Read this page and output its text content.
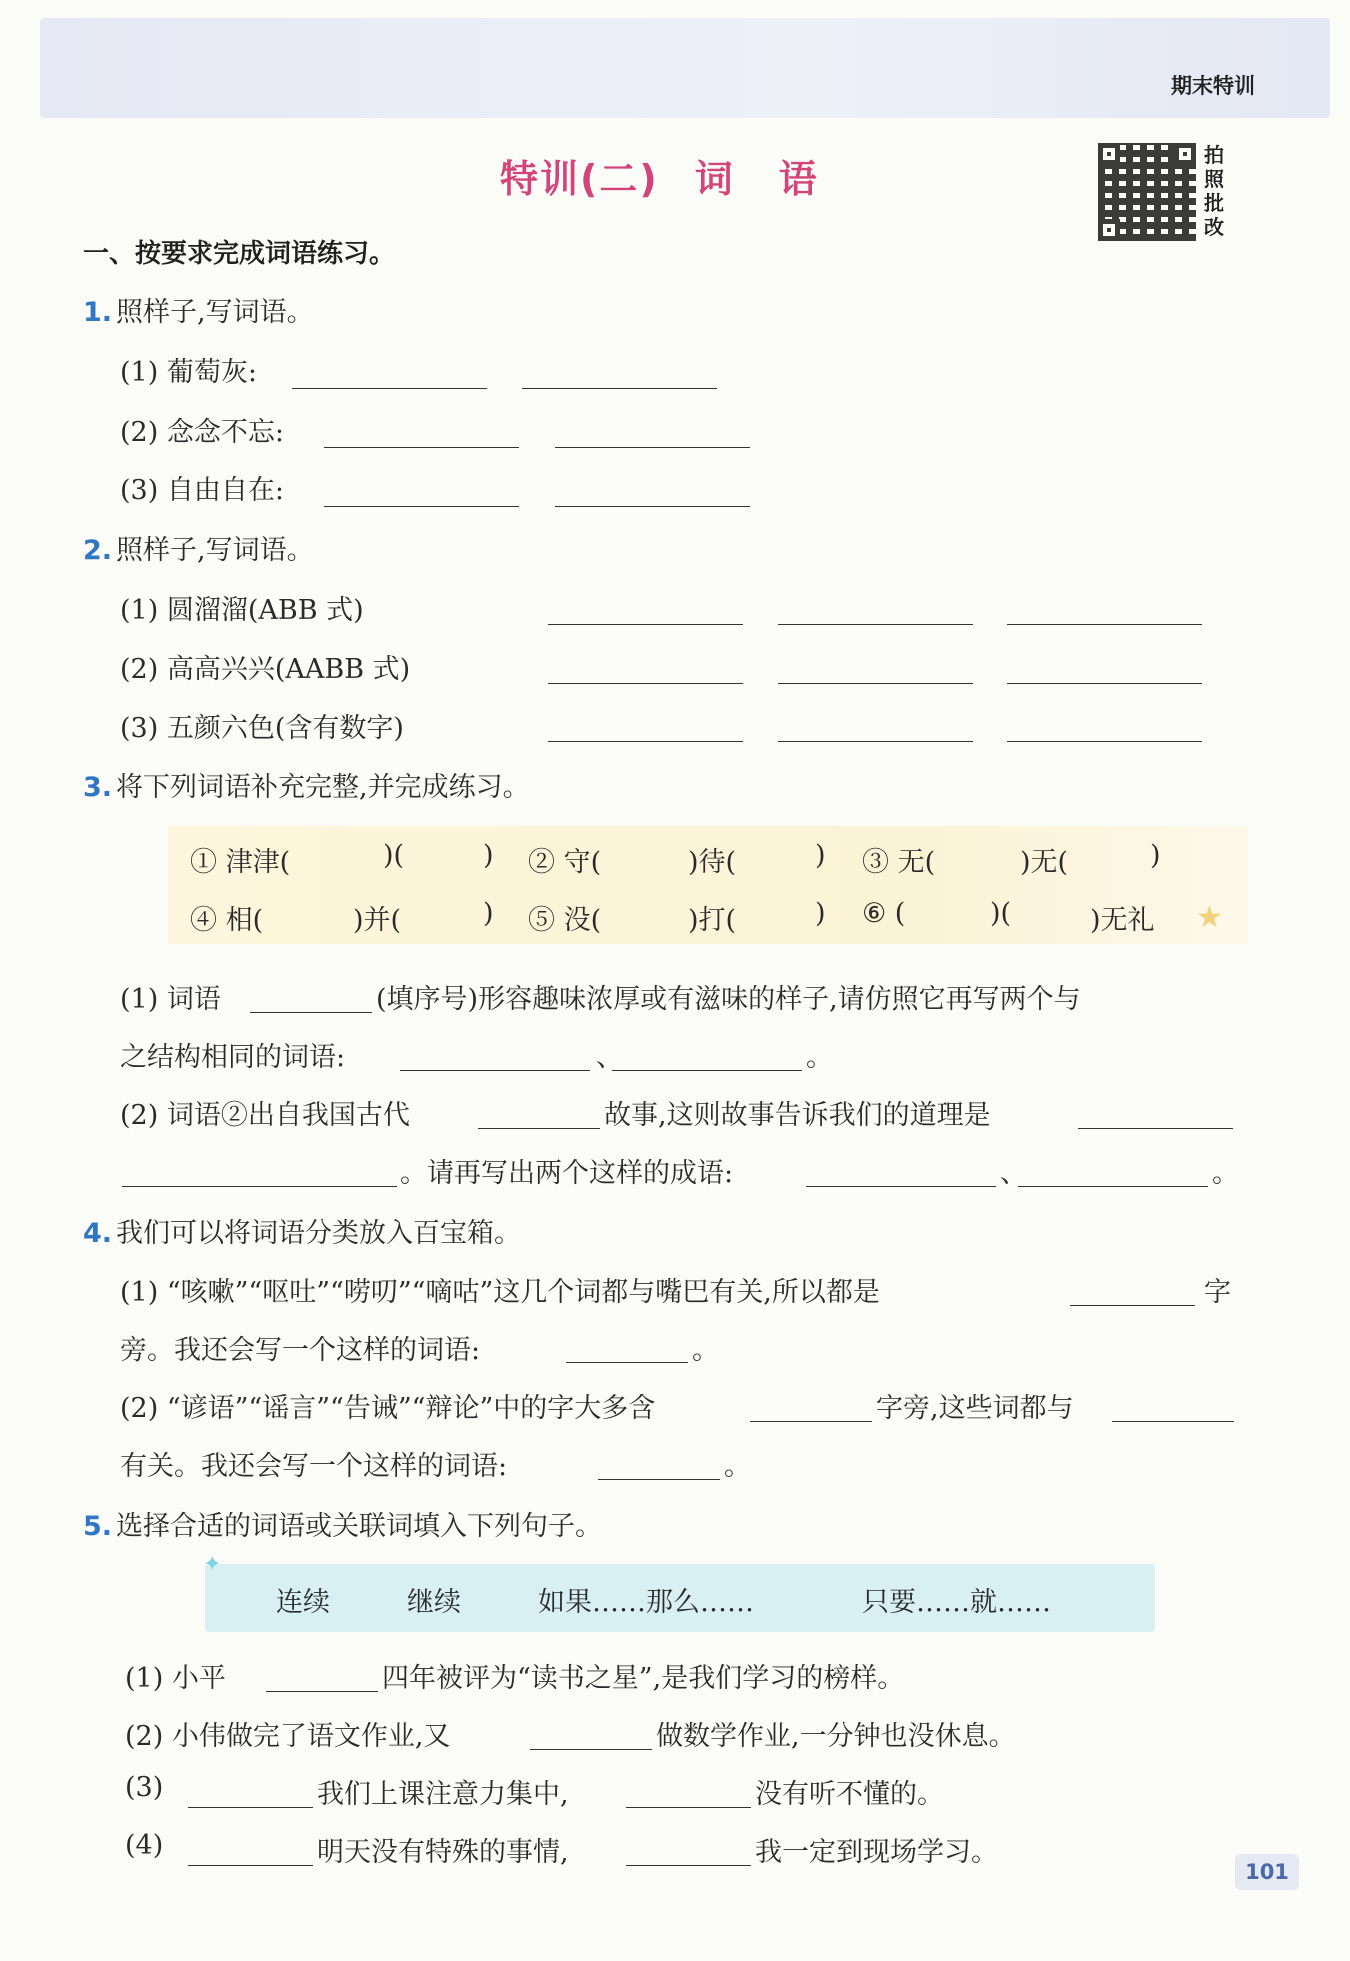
期末特训
特训(二) 词 语
拍
照
批
改
一、按要求完成词语练习。
1. 照样子,写词语。
(1) 葡萄灰:
(2) 念念不忘:
(3) 自由自在:
2. 照样子,写词语。
(1) 圆溜溜(ABB 式)
(2) 高高兴兴(AABB 式)
(3) 五颜六色(含有数字)
3. 将下列词语补充完整,并完成练习。
★
① 津津(	)(	) ② 守(	)待(	) ③ 无(	)无(	)
④ 相(	)并(	) ⑤ 没(	)打(	) ⑥ (	)(	)无礼
(1) 词语	(填序号)形容趣味浓厚或有滋味的样子,请仿照它再写两个与
之结构相同的词语:	、	。
(2) 词语②出自我国古代	故事,这则故事告诉我们的道理是
。请再写出两个这样的成语:	、	。
4. 我们可以将词语分类放入百宝箱。
(1) “咳嗽”“呕吐”“唠叨”“嘀咕”这几个词都与嘴巴有关,所以都是	字
旁。我还会写一个这样的词语:	。
(2) “谚语”“谣言”“告诫”“辩论”中的字大多含	字旁,这些词都与
有关。我还会写一个这样的词语:	。
5. 选择合适的词语或关联词填入下列句子。
✦
连续	继续	如果……那么……	只要……就……
(1) 小平	四年被评为“读书之星”,是我们学习的榜样。
(2) 小伟做完了语文作业,又	做数学作业,一分钟也没休息。
(3)	我们上课注意力集中,	没有听不懂的。
(4)	明天没有特殊的事情,	我一定到现场学习。
101
